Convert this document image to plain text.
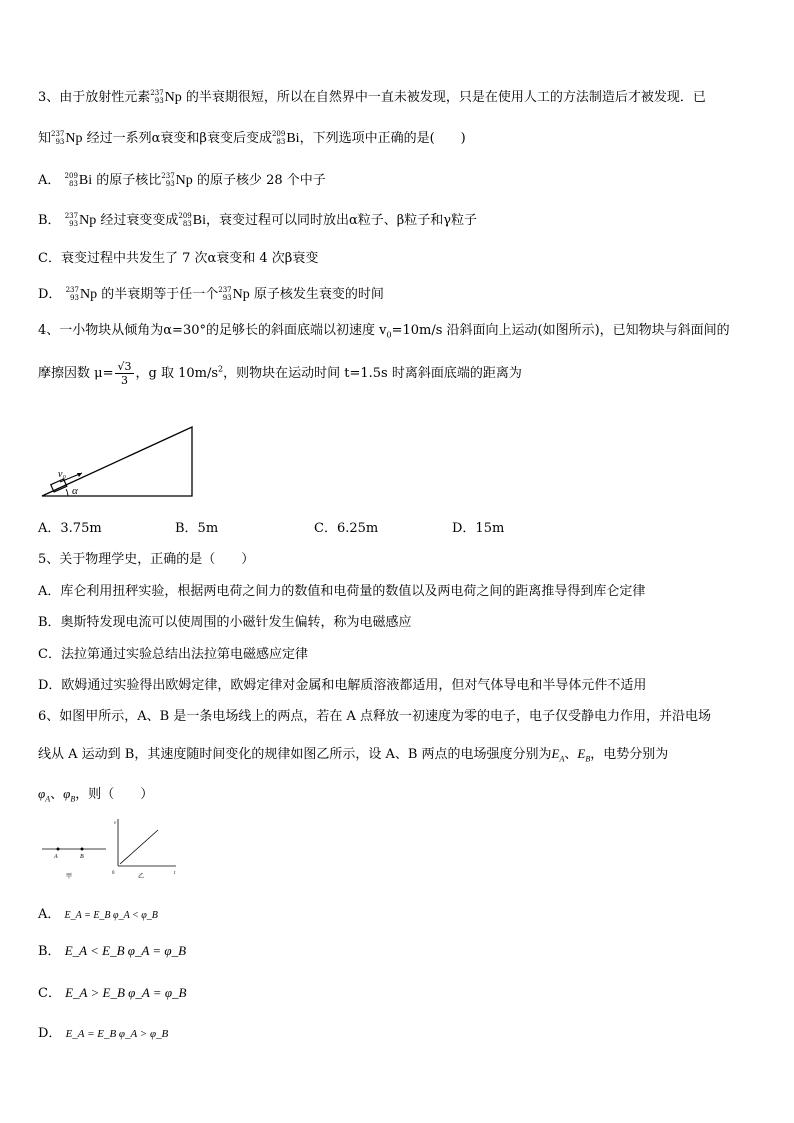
3、由于放射性元素 237
93 Np 的半衰期很短，所以在自然界中一直未被发现，只是在使用人工的方法制造后才被发现．已
知 237
93 Np 经过一系列α衰变和β衰变后变成 209
83 Bi，下列选项中正确的是(　　)
A． 209
83 Bi 的原子核比 237
93 Np 的原子核少 28 个中子
B． 237
93 Np 经过衰变变成 209
83 Bi，衰变过程可以同时放出α粒子、β粒子和γ粒子
C．衰变过程中共发生了 7 次α衰变和 4 次β衰变
D． 237
93 Np 的半衰期等于任一个 237
93 Np 原子核发生衰变的时间
4、一小物块从倾角为α=30°的足够长的斜面底端以初速度 $v_0=10m/s$ 沿斜面向上运动(如图所示)，已知物块与斜面间的
摩擦因数 $\mu= \frac{√3}{3}$ ，g 取 $10m/s^2$，则物块在运动时间 t=1.5s 时离斜面底端的距离为
v₀
α
A．3.75m	B．5m	C．6.25m	D．15m
5、关于物理学史，正确的是（　　）
A．库仑利用扭秤实验，根据两电荷之间力的数值和电荷量的数值以及两电荷之间的距离推导得到库仑定律
B．奥斯特发现电流可以使周围的小磁针发生偏转，称为电磁感应
C．法拉第通过实验总结出法拉第电磁感应定律
D．欧姆通过实验得出欧姆定律，欧姆定律对金属和电解质溶液都适用，但对气体导电和半导体元件不适用
6、如图甲所示，A、B 是一条电场线上的两点，若在 A 点释放一初速度为零的电子，电子仅受静电力作用，并沿电场
线从 A 运动到 B，其速度随时间变化的规律如图乙所示，设 A、B 两点的电场强度分别为$E_A$、$E_B$，电势分别为
$\varphi_A$、$\varphi_B$，则（　　）
A	B
甲
v
t
0
乙
A． E_A = E_B φ_A < φ_B
B． E_A < E_B φ_A = φ_B
C． E_A > E_B φ_A = φ_B
D． E_A = E_B φ_A > φ_B
